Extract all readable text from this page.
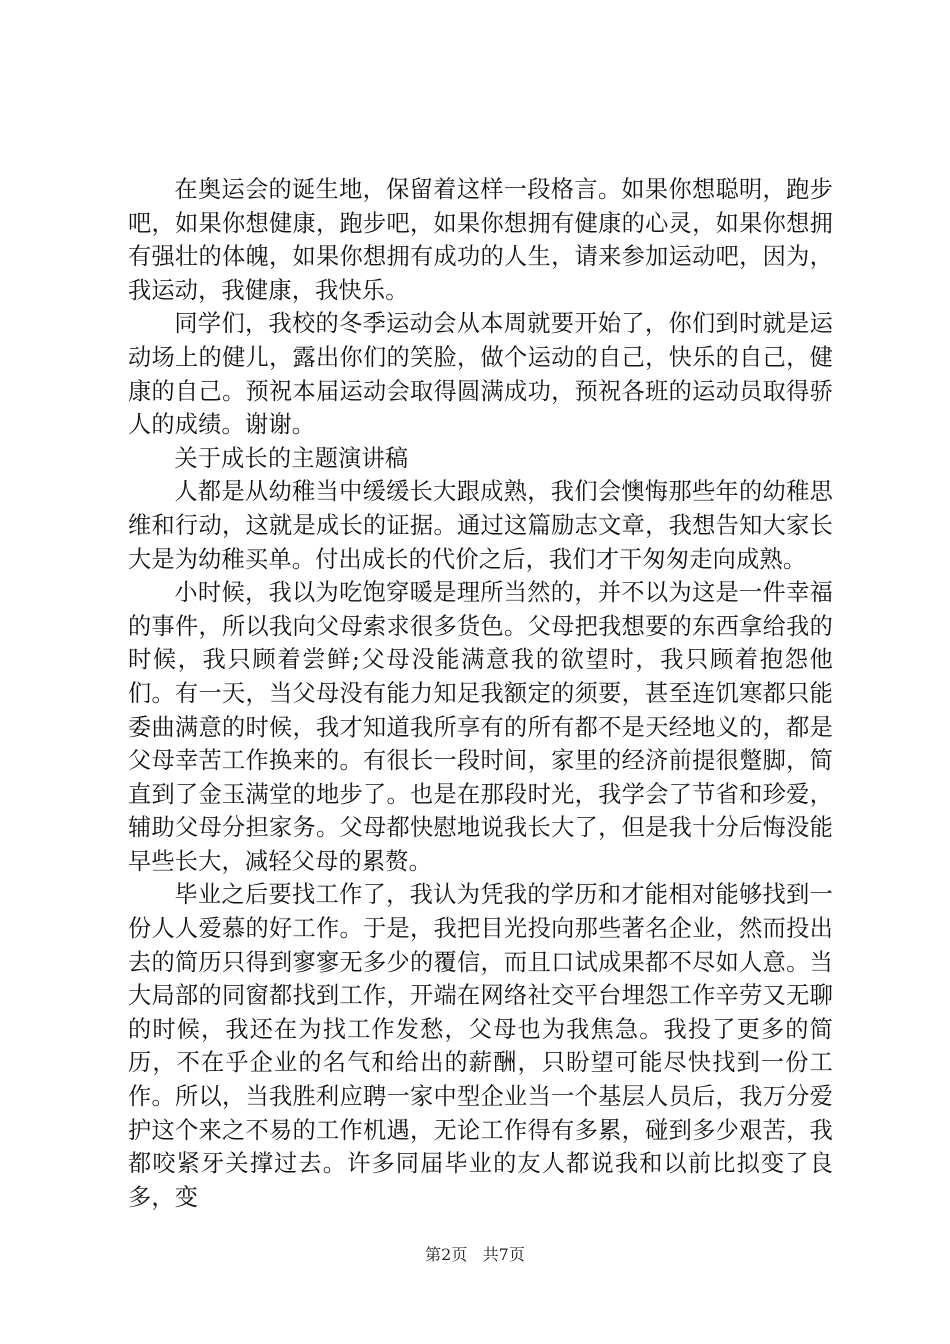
在奥运会的诞生地，保留着这样一段格言。如果你想聪明，跑步吧，如果你想健康，跑步吧，如果你想拥有健康的心灵，如果你想拥有强壮的体魄，如果你想拥有成功的人生，请来参加运动吧，因为，我运动，我健康，我快乐。

同学们，我校的冬季运动会从本周就要开始了，你们到时就是运动场上的健儿，露出你们的笑脸，做个运动的自己，快乐的自己，健康的自己。预祝本届运动会取得圆满成功，预祝各班的运动员取得骄人的成绩。谢谢。

关于成长的主题演讲稿

人都是从幼稚当中缓缓长大跟成熟，我们会懊悔那些年的幼稚思维和行动，这就是成长的证据。通过这篇励志文章，我想告知大家长大是为幼稚买单。付出成长的代价之后，我们才干匆匆走向成熟。

小时候，我以为吃饱穿暖是理所当然的，并不以为这是一件幸福的事件，所以我向父母索求很多货色。父母把我想要的东西拿给我的时候，我只顾着尝鲜;父母没能满意我的欲望时，我只顾着抱怨他们。有一天，当父母没有能力知足我额定的须要，甚至连饥寒都只能委曲满意的时候，我才知道我所享有的所有都不是天经地义的，都是父母幸苦工作换来的。有很长一段时间，家里的经济前提很蹩脚，简直到了金玉满堂的地步了。也是在那段时光，我学会了节省和珍爱，辅助父母分担家务。父母都快慰地说我长大了，但是我十分后悔没能早些长大，减轻父母的累赘。

毕业之后要找工作了，我认为凭我的学历和才能相对能够找到一份人人爱慕的好工作。于是，我把目光投向那些著名企业，然而投出去的简历只得到寥寥无多少的覆信，而且口试成果都不尽如人意。当大局部的同窗都找到工作，开端在网络社交平台埋怨工作辛劳又无聊的时候，我还在为找工作发愁，父母也为我焦急。我投了更多的简历，不在乎企业的名气和给出的薪酬，只盼望可能尽快找到一份工作。所以，当我胜利应聘一家中型企业当一个基层人员后，我万分爱护这个来之不易的工作机遇，无论工作得有多累，碰到多少艰苦，我都咬紧牙关撑过去。许多同届毕业的友人都说我和以前比拟变了良多，变

第2页 共7页
